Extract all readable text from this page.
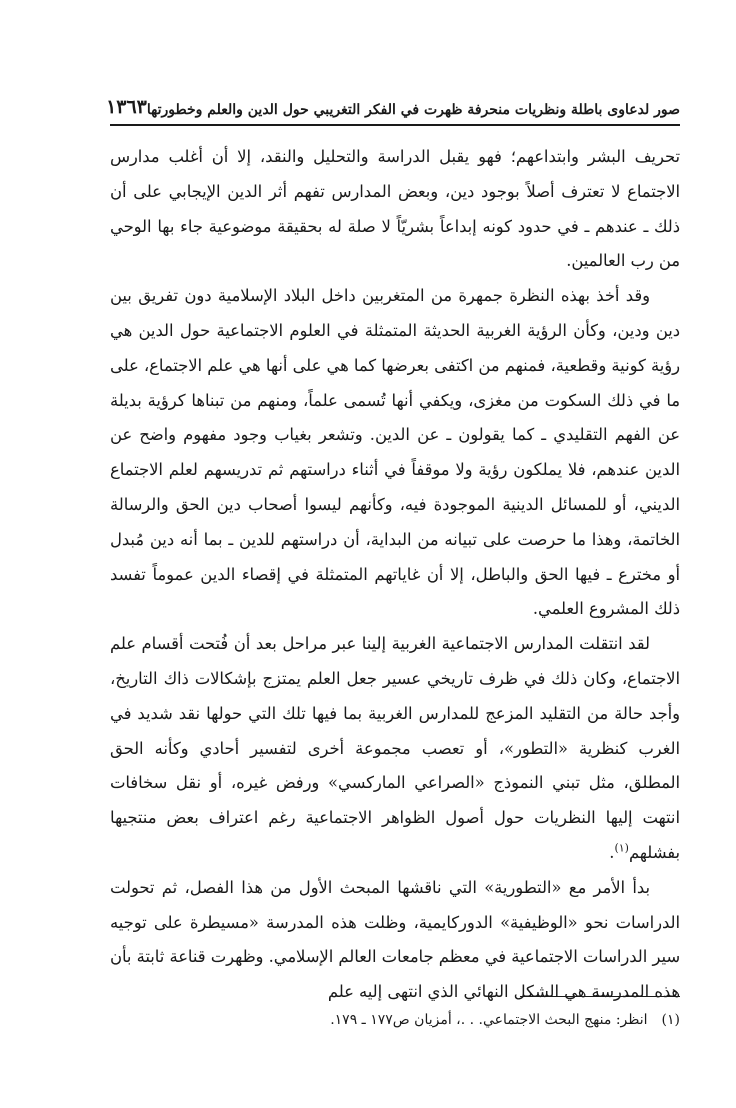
صور لدعاوى باطلة ونظريات منحرفة ظهرت في الفكر التغريبي حول الدين والعلم وخطورتها
١٣٦٣

تحريف البشر وابتداعهم؛ فهو يقبل الدراسة والتحليل والنقد، إلا أن أغلب مدارس الاجتماع لا تعترف أصلاً بوجود دين، وبعض المدارس تفهم أثر الدين الإيجابي على أن ذلك ـ عندهم ـ في حدود كونه إبداعاً بشريّاً لا صلة له بحقيقة موضوعية جاء بها الوحي من رب العالمين.

وقد أخذ بهذه النظرة جمهرة من المتغربين داخل البلاد الإسلامية دون تفريق بين دين ودين، وكأن الرؤية الغربية الحديثة المتمثلة في العلوم الاجتماعية حول الدين هي رؤية كونية وقطعية، فمنهم من اكتفى بعرضها كما هي على أنها هي علم الاجتماع، على ما في ذلك السكوت من مغزى، ويكفي أنها تُسمى علماً، ومنهم من تبناها كرؤية بديلة عن الفهم التقليدي ـ كما يقولون ـ عن الدين. وتشعر بغياب وجود مفهوم واضح عن الدين عندهم، فلا يملكون رؤية ولا موقفاً في أثناء دراستهم ثم تدريسهم لعلم الاجتماع الديني، أو للمسائل الدينية الموجودة فيه، وكأنهم ليسوا أصحاب دين الحق والرسالة الخاتمة، وهذا ما حرصت على تبيانه من البداية، أن دراستهم للدين ـ بما أنه دين مُبدل أو مخترع ـ فيها الحق والباطل، إلا أن غاياتهم المتمثلة في إقصاء الدين عموماً تفسد ذلك المشروع العلمي.

لقد انتقلت المدارس الاجتماعية الغربية إلينا عبر مراحل بعد أن فُتحت أقسام علم الاجتماع، وكان ذلك في ظرف تاريخي عسير جعل العلم يمتزج بإشكالات ذاك التاريخ، وأجد حالة من التقليد المزعج للمدارس الغربية بما فيها تلك التي حولها نقد شديد في الغرب كنظرية «التطور»، أو تعصب مجموعة أخرى لتفسير أحادي وكأنه الحق المطلق، مثل تبني النموذج «الصراعي الماركسي» ورفض غيره، أو نقل سخافات انتهت إليها النظريات حول أصول الظواهر الاجتماعية رغم اعتراف بعض منتجيها بفشلهم$^{(١)}$.

بدأ الأمر مع «التطورية» التي ناقشها المبحث الأول من هذا الفصل، ثم تحولت الدراسات نحو «الوظيفية» الدوركايمية، وظلت هذه المدرسة «مسيطرة على توجيه سير الدراسات الاجتماعية في معظم جامعات العالم الإسلامي. وظهرت قناعة ثابتة بأن هذه المدرسة هي الشكل النهائي الذي انتهى إليه علم

(١)انظر: منهج البحث الاجتماعي. . .، أمزيان ص١٧٧ ـ ١٧٩.
